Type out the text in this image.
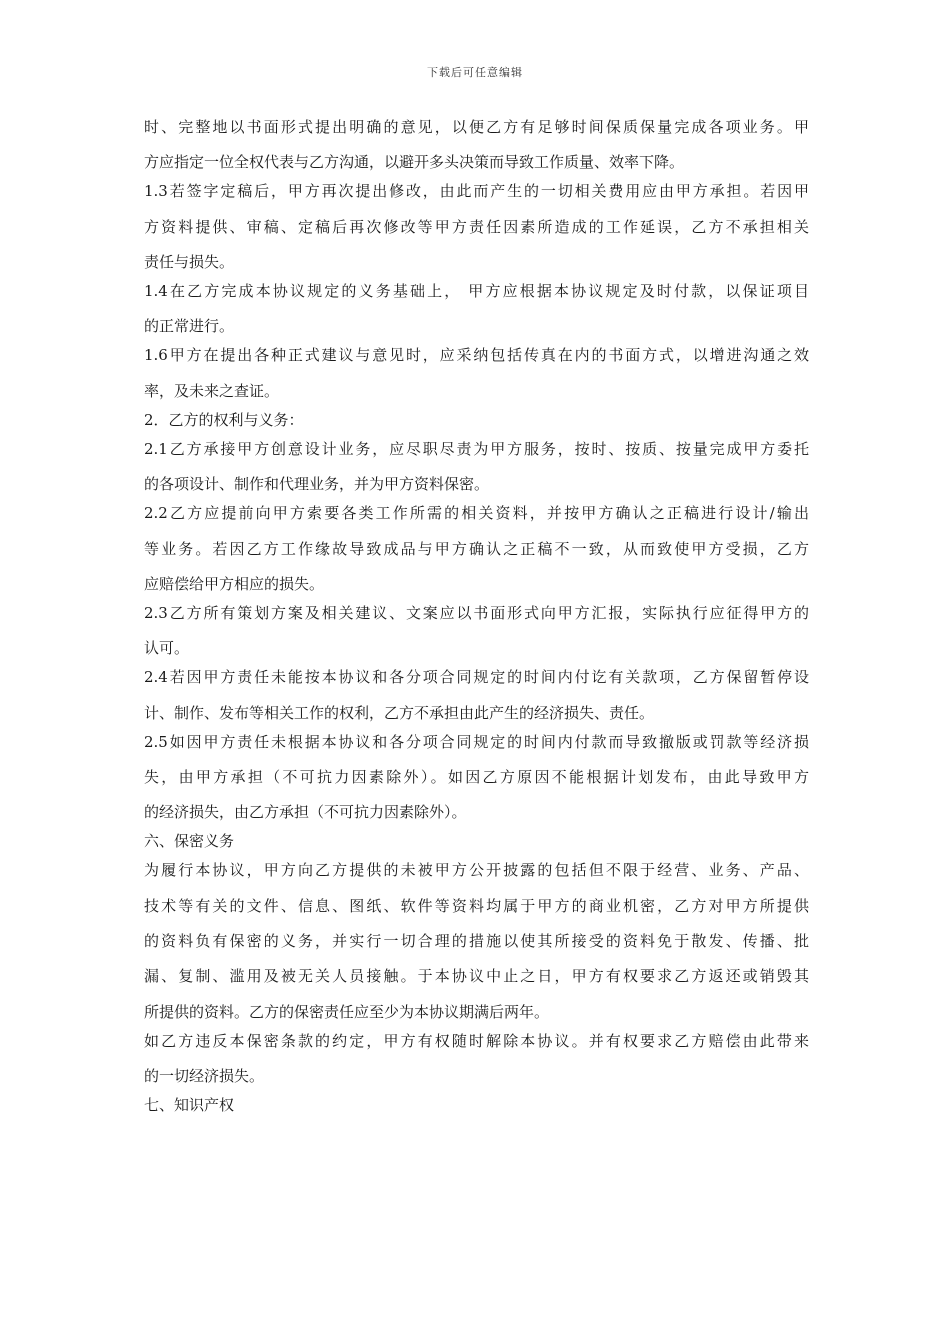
下载后可任意编辑
时、完整地以书面形式提出明确的意见，以便乙方有足够时间保质保量完成各项业务。甲
方应指定一位全权代表与乙方沟通，以避开多头决策而导致工作质量、效率下降。
1.3若签字定稿后，甲方再次提出修改，由此而产生的一切相关费用应由甲方承担。若因甲
方资料提供、审稿、定稿后再次修改等甲方责任因素所造成的工作延误，乙方不承担相关
责任与损失。
1.4在乙方完成本协议规定的义务基础上， 甲方应根据本协议规定及时付款，以保证项目
的正常进行。
1.6甲方在提出各种正式建议与意见时，应采纳包括传真在内的书面方式，以增进沟通之效
率，及未来之查证。
2．乙方的权利与义务：
2.1乙方承接甲方创意设计业务，应尽职尽责为甲方服务，按时、按质、按量完成甲方委托
的各项设计、制作和代理业务，并为甲方资料保密。
2.2乙方应提前向甲方索要各类工作所需的相关资料，并按甲方确认之正稿进行设计/输出
等业务。若因乙方工作缘故导致成品与甲方确认之正稿不一致，从而致使甲方受损，乙方
应赔偿给甲方相应的损失。
2.3乙方所有策划方案及相关建议、文案应以书面形式向甲方汇报，实际执行应征得甲方的
认可。
2.4若因甲方责任未能按本协议和各分项合同规定的时间内付讫有关款项，乙方保留暂停设
计、制作、发布等相关工作的权利，乙方不承担由此产生的经济损失、责任。
2.5如因甲方责任未根据本协议和各分项合同规定的时间内付款而导致撤版或罚款等经济损
失，由甲方承担（不可抗力因素除外）。如因乙方原因不能根据计划发布，由此导致甲方
的经济损失，由乙方承担（不可抗力因素除外）。
六、保密义务
为履行本协议，甲方向乙方提供的未被甲方公开披露的包括但不限于经营、业务、产品、
技术等有关的文件、信息、图纸、软件等资料均属于甲方的商业机密，乙方对甲方所提供
的资料负有保密的义务，并实行一切合理的措施以使其所接受的资料免于散发、传播、批
漏、复制、滥用及被无关人员接触。于本协议中止之日，甲方有权要求乙方返还或销毁其
所提供的资料。乙方的保密责任应至少为本协议期满后两年。
如乙方违反本保密条款的约定，甲方有权随时解除本协议。并有权要求乙方赔偿由此带来
的一切经济损失。
七、知识产权
